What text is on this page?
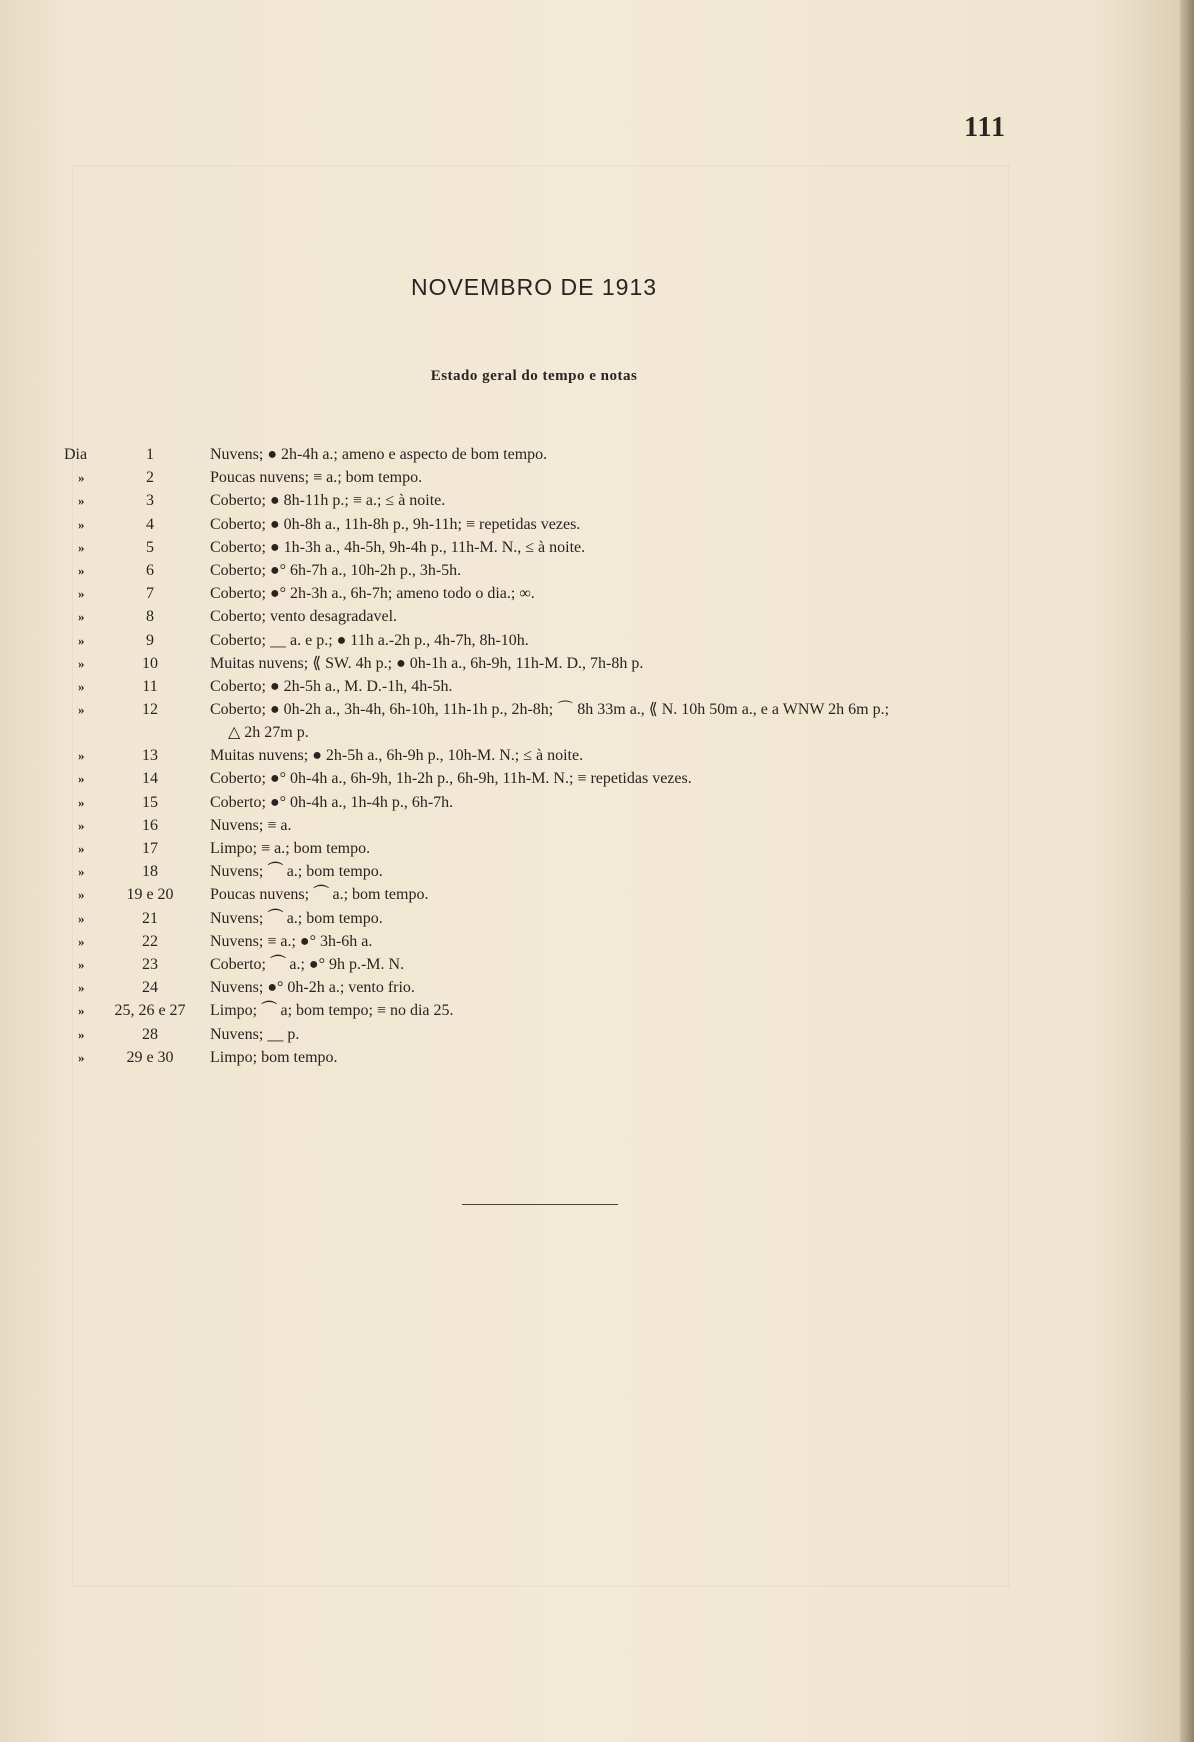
111
NOVEMBRO DE 1913
Estado geral do tempo e notas
Dia	1	Nuvens; ● 2h-4h a.; ameno e aspecto de bom tempo.
»	2	Poucas nuvens; ≡ a.; bom tempo.
»	3	Coberto; ● 8h-11h p.; ≡ a.; ≤ à noite.
»	4	Coberto; ● 0h-8h a., 11h-8h p., 9h-11h; ≡ repetidas vezes.
»	5	Coberto; ● 1h-3h a., 4h-5h, 9h-4h p., 11h-M. N., ≤ à noite.
»	6	Coberto; ●° 6h-7h a., 10h-2h p., 3h-5h.
»	7	Coberto; ●° 2h-3h a., 6h-7h; ameno todo o dia.; ∞.
»	8	Coberto; vento desagradavel.
»	9	Coberto; ⸏ a. e p.; ● 11h a.-2h p., 4h-7h, 8h-10h.
»	10	Muitas nuvens; ⟪ SW. 4h p.; ● 0h-1h a., 6h-9h, 11h-M. D., 7h-8h p.
»	11	Coberto; ● 2h-5h a., M. D.-1h, 4h-5h.
»	12	Coberto; ● 0h-2h a., 3h-4h, 6h-10h, 11h-1h p., 2h-8h; ⌒ 8h 33m a., ⟪ N. 10h 50m a., e a WNW 2h 6m p.;
△ 2h 27m p.
»	13	Muitas nuvens; ● 2h-5h a., 6h-9h p., 10h-M. N.; ≤ à noite.
»	14	Coberto; ●° 0h-4h a., 6h-9h, 1h-2h p., 6h-9h, 11h-M. N.; ≡ repetidas vezes.
»	15	Coberto; ●° 0h-4h a., 1h-4h p., 6h-7h.
»	16	Nuvens; ≡ a.
»	17	Limpo; ≡ a.; bom tempo.
»	18	Nuvens; ⏜ a.; bom tempo.
»	19 e 20	Poucas nuvens; ⏜ a.; bom tempo.
»	21	Nuvens; ⏜ a.; bom tempo.
»	22	Nuvens; ≡ a.; ●° 3h-6h a.
»	23	Coberto; ⏜ a.; ●° 9h p.-M. N.
»	24	Nuvens; ●° 0h-2h a.; vento frio.
»	25, 26 e 27	Limpo; ⏜ a; bom tempo; ≡ no dia 25.
»	28	Nuvens; ⸏ p.
»	29 e 30	Limpo; bom tempo.
